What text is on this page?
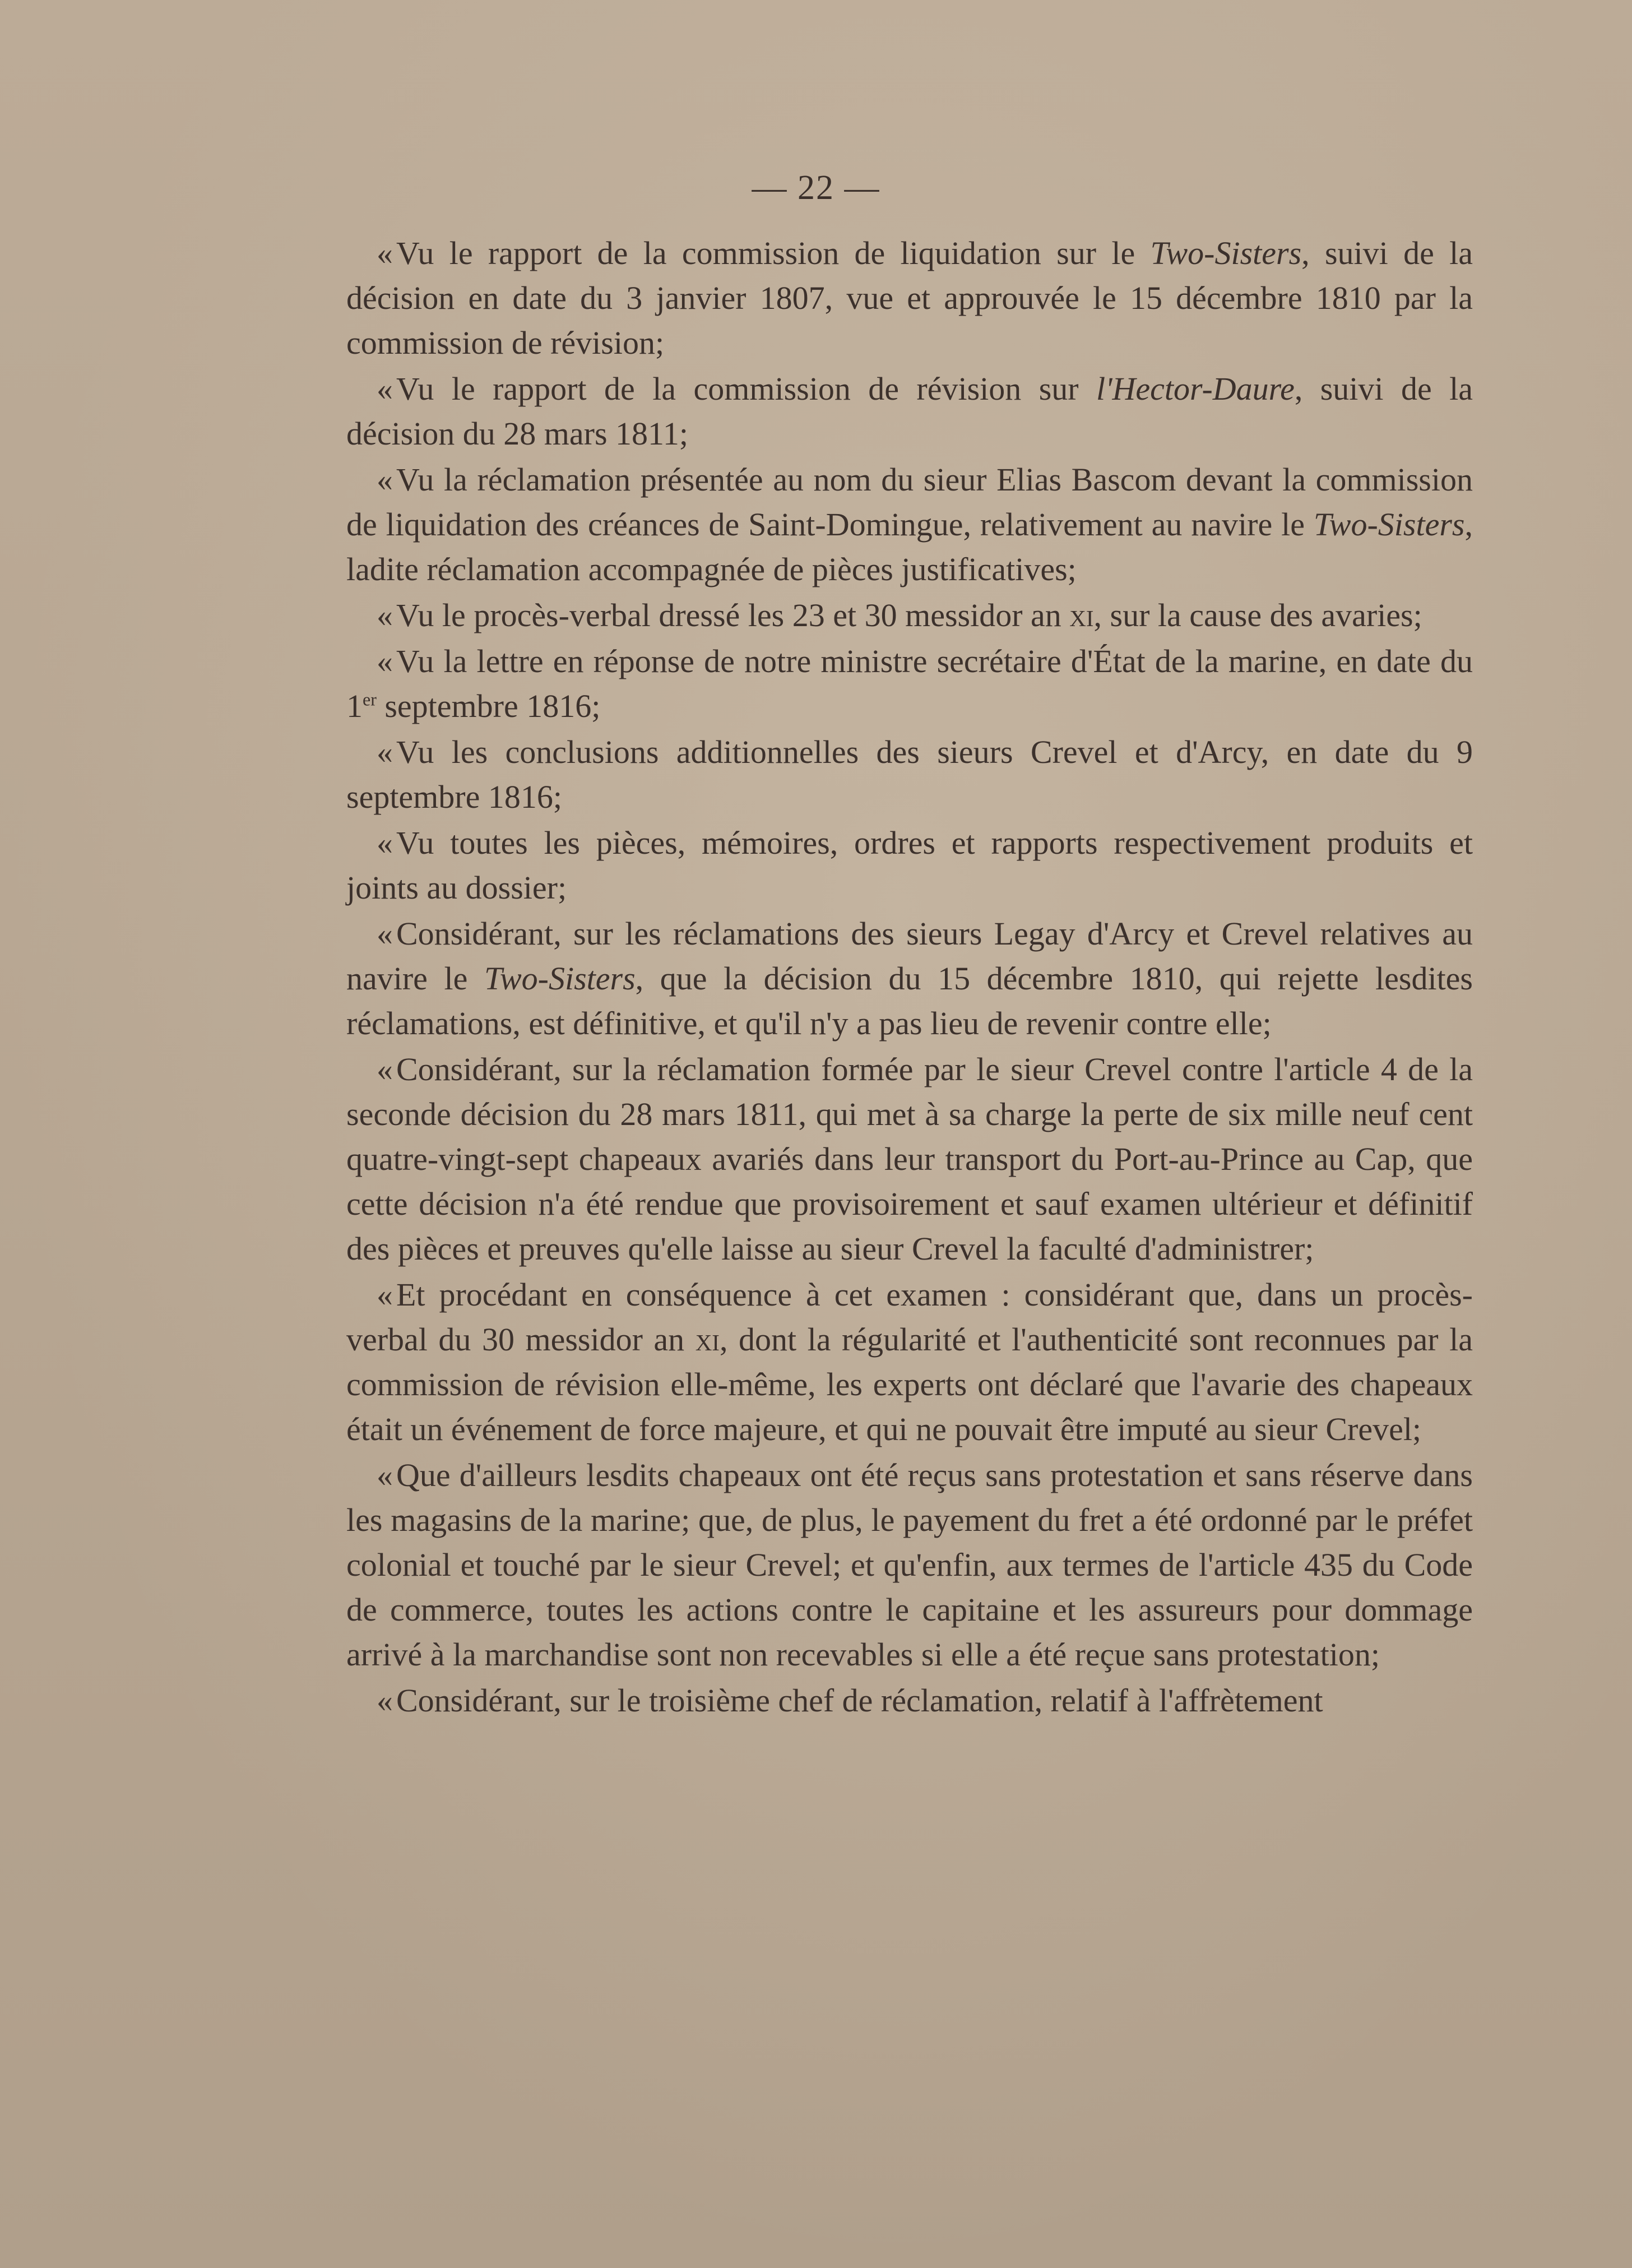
— 22 —

« Vu le rapport de la commission de liquidation sur le Two-Sisters, suivi de la décision en date du 3 janvier 1807, vue et approuvée le 15 décembre 1810 par la commission de révision;

« Vu le rapport de la commission de révision sur l'Hector-Daure, suivi de la décision du 28 mars 1811;

« Vu la réclamation présentée au nom du sieur Elias Bascom devant la commission de liquidation des créances de Saint-Domingue, relativement au navire le Two-Sisters, ladite réclamation accompagnée de pièces justificatives;

« Vu le procès-verbal dressé les 23 et 30 messidor an xi, sur la cause des avaries;

« Vu la lettre en réponse de notre ministre secrétaire d'État de la marine, en date du 1er septembre 1816;

« Vu les conclusions additionnelles des sieurs Crevel et d'Arcy, en date du 9 septembre 1816;

« Vu toutes les pièces, mémoires, ordres et rapports respectivement produits et joints au dossier;

« Considérant, sur les réclamations des sieurs Legay d'Arcy et Crevel relatives au navire le Two-Sisters, que la décision du 15 décembre 1810, qui rejette lesdites réclamations, est définitive, et qu'il n'y a pas lieu de revenir contre elle;

« Considérant, sur la réclamation formée par le sieur Crevel contre l'article 4 de la seconde décision du 28 mars 1811, qui met à sa charge la perte de six mille neuf cent quatre-vingt-sept chapeaux avariés dans leur transport du Port-au-Prince au Cap, que cette décision n'a été rendue que provisoirement et sauf examen ultérieur et définitif des pièces et preuves qu'elle laisse au sieur Crevel la faculté d'administrer;

« Et procédant en conséquence à cet examen : considérant que, dans un procès-verbal du 30 messidor an xi, dont la régularité et l'authenticité sont reconnues par la commission de révision elle-même, les experts ont déclaré que l'avarie des chapeaux était un événement de force majeure, et qui ne pouvait être imputé au sieur Crevel;

« Que d'ailleurs lesdits chapeaux ont été reçus sans protestation et sans réserve dans les magasins de la marine; que, de plus, le payement du fret a été ordonné par le préfet colonial et touché par le sieur Crevel; et qu'enfin, aux termes de l'article 435 du Code de commerce, toutes les actions contre le capitaine et les assureurs pour dommage arrivé à la marchandise sont non recevables si elle a été reçue sans protestation;

« Considérant, sur le troisième chef de réclamation, relatif à l'affrètement
